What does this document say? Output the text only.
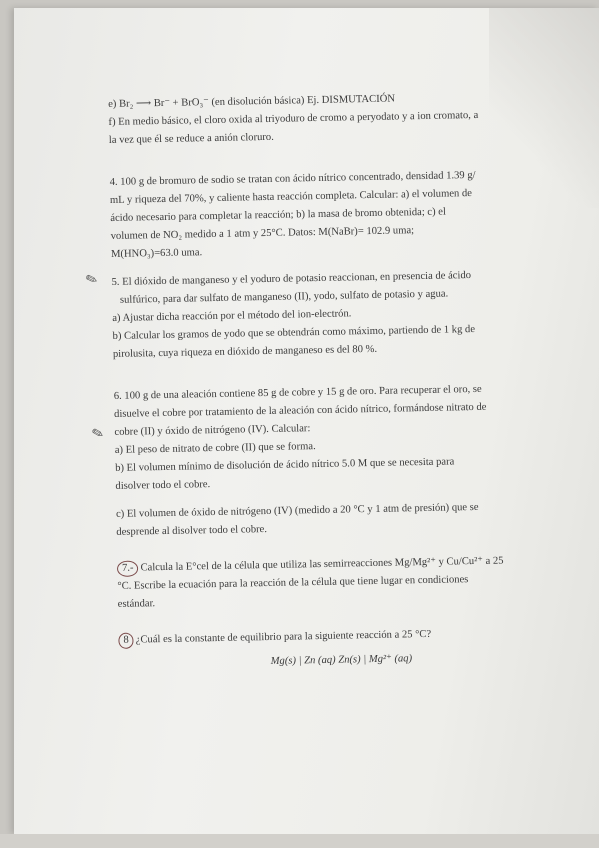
✎
✎
e) Br₂ ⟶ Br⁻ + BrO₃⁻ (en disolución básica) Ej. DISMUTACIÓN
f) En medio básico, el cloro oxida al triyoduro de cromo a peryodato y a ion cromato, a
la vez que él se reduce a anión cloruro.
4. 100 g de bromuro de sodio se tratan con ácido nítrico concentrado, densidad 1.39 g/
mL y riqueza del 70%, y caliente hasta reacción completa. Calcular: a) el volumen de
ácido necesario para completar la reacción; b) la masa de bromo obtenida; c) el
volumen de NO₂ medido a 1 atm y 25°C. Datos: M(NaBr)= 102.9 uma;
M(HNO₃)=63.0 uma.
5. El dióxido de manganeso y el yoduro de potasio reaccionan, en presencia de ácido
sulfúrico, para dar sulfato de manganeso (II), yodo, sulfato de potasio y agua.
a) Ajustar dicha reacción por el método del ion-electrón.
b) Calcular los gramos de yodo que se obtendrán como máximo, partiendo de 1 kg de
pirolusita, cuya riqueza en dióxido de manganeso es del 80 %.
6. 100 g de una aleación contiene 85 g de cobre y 15 g de oro. Para recuperar el oro, se
disuelve el cobre por tratamiento de la aleación con ácido nítrico, formándose nitrato de
cobre (II) y óxido de nitrógeno (IV). Calcular:
a) El peso de nitrato de cobre (II) que se forma.
b) El volumen mínimo de disolución de ácido nítrico 5.0 M que se necesita para
disolver todo el cobre.
c) El volumen de óxido de nitrógeno (IV) (medido a 20 °C y 1 atm de presión) que se
desprende al disolver todo el cobre.
7.- Calcula la E°cel de la célula que utiliza las semirreacciones Mg/Mg²⁺ y Cu/Cu²⁺ a 25
°C. Escribe la ecuación para la reacción de la célula que tiene lugar en condiciones
estándar.
8 ¿Cuál es la constante de equilibrio para la siguiente reacción a 25 °C?
Mg(s) | Zn (aq) Zn(s) | Mg²⁺ (aq)
